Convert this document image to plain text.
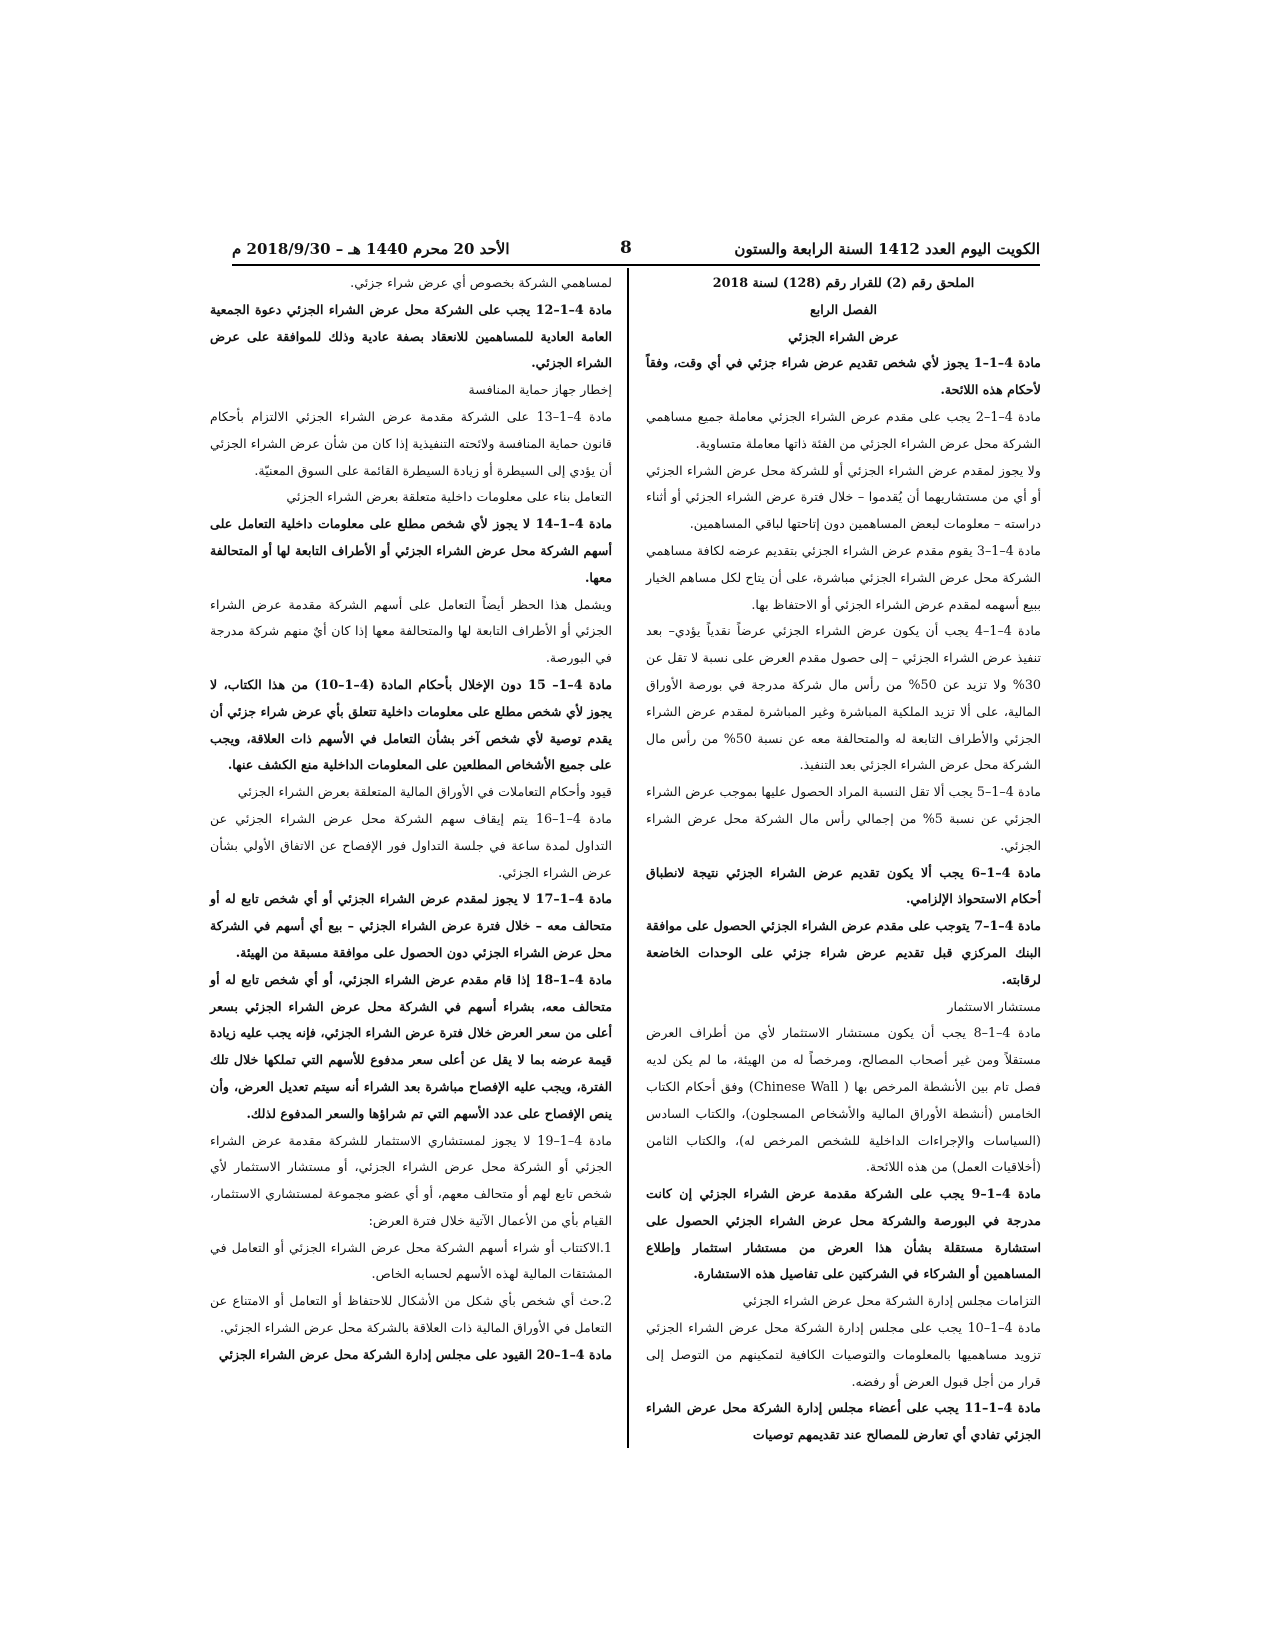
الكويت اليوم العدد 1412 السنة الرابعة والستون
8
الأحد 20 محرم 1440 هـ – 2018/9/30 م

الملحق رقم (2) للقرار رقم (128) لسنة 2018

الفصل الرابع

عرض الشراء الجزئي

مادة 4–1–1 يجوز لأي شخص تقديم عرض شراء جزئي في أي وقت، وفقاً لأحكام هذه اللائحة.

مادة 4–1–2 يجب على مقدم عرض الشراء الجزئي معاملة جميع مساهمي الشركة محل عرض الشراء الجزئي من الفئة ذاتها معاملة متساوية.

ولا يجوز لمقدم عرض الشراء الجزئي أو للشركة محل عرض الشراء الجزئي أو أي من مستشاريهما أن يُقدموا – خلال فترة عرض الشراء الجزئي أو أثناء دراسته – معلومات لبعض المساهمين دون إتاحتها لباقي المساهمين.

مادة 4–1–3 يقوم مقدم عرض الشراء الجزئي بتقديم عرضه لكافة مساهمي الشركة محل عرض الشراء الجزئي مباشرة، على أن يتاح لكل مساهم الخيار ببيع أسهمه لمقدم عرض الشراء الجزئي أو الاحتفاظ بها.

مادة 4–1–4 يجب أن يكون عرض الشراء الجزئي عرضاً نقدياً يؤدي– بعد تنفيذ عرض الشراء الجزئي – إلى حصول مقدم العرض على نسبة لا تقل عن 30% ولا تزيد عن 50% من رأس مال شركة مدرجة في بورصة الأوراق المالية، على ألا تزيد الملكية المباشرة وغير المباشرة لمقدم عرض الشراء الجزئي والأطراف التابعة له والمتحالفة معه عن نسبة 50% من رأس مال الشركة محل عرض الشراء الجزئي بعد التنفيذ.

مادة 4–1–5 يجب ألا تقل النسبة المراد الحصول عليها بموجب عرض الشراء الجزئي عن نسبة 5% من إجمالي رأس مال الشركة محل عرض الشراء الجزئي.

مادة 4–1–6 يجب ألا يكون تقديم عرض الشراء الجزئي نتيجة لانطباق أحكام الاستحواذ الإلزامي.

مادة 4–1–7 يتوجب على مقدم عرض الشراء الجزئي الحصول على موافقة البنك المركزي قبل تقديم عرض شراء جزئي على الوحدات الخاضعة لرقابته.

مستشار الاستثمار

مادة 4–1–8 يجب أن يكون مستشار الاستثمار لأي من أطراف العرض مستقلاً ومن غير أصحاب المصالح، ومرخصاً له من الهيئة، ما لم يكن لديه فصل تام بين الأنشطة المرخص بها ( Chinese Wall) وفق أحكام الكتاب الخامس (أنشطة الأوراق المالية والأشخاص المسجلون)، والكتاب السادس (السياسات والإجراءات الداخلية للشخص المرخص له)، والكتاب الثامن (أخلاقيات العمل) من هذه اللائحة.

مادة 4–1–9 يجب على الشركة مقدمة عرض الشراء الجزئي إن كانت مدرجة في البورصة والشركة محل عرض الشراء الجزئي الحصول على استشارة مستقلة بشأن هذا العرض من مستشار استثمار وإطلاع المساهمين أو الشركاء في الشركتين على تفاصيل هذه الاستشارة.

التزامات مجلس إدارة الشركة محل عرض الشراء الجزئي

مادة 4–1–10 يجب على مجلس إدارة الشركة محل عرض الشراء الجزئي تزويد مساهميها بالمعلومات والتوصيات الكافية لتمكينهم من التوصل إلى قرار من أجل قبول العرض أو رفضه.

مادة 4–1–11 يجب على أعضاء مجلس إدارة الشركة محل عرض الشراء الجزئي تفادي أي تعارض للمصالح عند تقديمهم توصيات

لمساهمي الشركة بخصوص أي عرض شراء جزئي.

مادة 4–1–12 يجب على الشركة محل عرض الشراء الجزئي دعوة الجمعية العامة العادية للمساهمين للانعقاد بصفة عادية وذلك للموافقة على عرض الشراء الجزئي.

إخطار جهاز حماية المنافسة

مادة 4–1–13 على الشركة مقدمة عرض الشراء الجزئي الالتزام بأحكام قانون حماية المنافسة ولائحته التنفيذية إذا كان من شأن عرض الشراء الجزئي أن يؤدي إلى السيطرة أو زيادة السيطرة القائمة على السوق المعنيّة.

التعامل بناء على معلومات داخلية متعلقة بعرض الشراء الجزئي

مادة 4–1–14 لا يجوز لأي شخص مطلع على معلومات داخلية التعامل على أسهم الشركة محل عرض الشراء الجزئي أو الأطراف التابعة لها أو المتحالفة معها.

ويشمل هذا الحظر أيضاً التعامل على أسهم الشركة مقدمة عرض الشراء الجزئي أو الأطراف التابعة لها والمتحالفة معها إذا كان أيٌ منهم شركة مدرجة في البورصة.

مادة 4–1– 15 دون الإخلال بأحكام المادة (4–1–10) من هذا الكتاب، لا يجوز لأي شخص مطلع على معلومات داخلية تتعلق بأي عرض شراء جزئي أن يقدم توصية لأي شخص آخر بشأن التعامل في الأسهم ذات العلاقة، ويجب على جميع الأشخاص المطلعين على المعلومات الداخلية منع الكشف عنها.

قيود وأحكام التعاملات في الأوراق المالية المتعلقة بعرض الشراء الجزئي

مادة 4–1–16 يتم إيقاف سهم الشركة محل عرض الشراء الجزئي عن التداول لمدة ساعة في جلسة التداول فور الإفصاح عن الاتفاق الأولي بشأن عرض الشراء الجزئي.

مادة 4–1–17 لا يجوز لمقدم عرض الشراء الجزئي أو أي شخص تابع له أو متحالف معه – خلال فترة عرض الشراء الجزئي – بيع أي أسهم في الشركة محل عرض الشراء الجزئي دون الحصول على موافقة مسبقة من الهيئة.

مادة 4–1–18 إذا قام مقدم عرض الشراء الجزئي، أو أي شخص تابع له أو متحالف معه، بشراء أسهم في الشركة محل عرض الشراء الجزئي بسعر أعلى من سعر العرض خلال فترة عرض الشراء الجزئي، فإنه يجب عليه زيادة قيمة عرضه بما لا يقل عن أعلى سعر مدفوع للأسهم التي تملكها خلال تلك الفترة، ويجب عليه الإفصاح مباشرة بعد الشراء أنه سيتم تعديل العرض، وأن ينص الإفصاح على عدد الأسهم التي تم شراؤها والسعر المدفوع لذلك.

مادة 4–1–19 لا يجوز لمستشاري الاستثمار للشركة مقدمة عرض الشراء الجزئي أو الشركة محل عرض الشراء الجزئي، أو مستشار الاستثمار لأي شخص تابع لهم أو متحالف معهم، أو أي عضو مجموعة لمستشاري الاستثمار، القيام بأي من الأعمال الآتية خلال فترة العرض:

1.الاكتتاب أو شراء أسهم الشركة محل عرض الشراء الجزئي أو التعامل في المشتقات المالية لهذه الأسهم لحسابه الخاص.

2.حث أي شخص بأي شكل من الأشكال للاحتفاظ أو التعامل أو الامتناع عن التعامل في الأوراق المالية ذات العلاقة بالشركة محل عرض الشراء الجزئي.

مادة 4–1–20 القيود على مجلس إدارة الشركة محل عرض الشراء الجزئي
